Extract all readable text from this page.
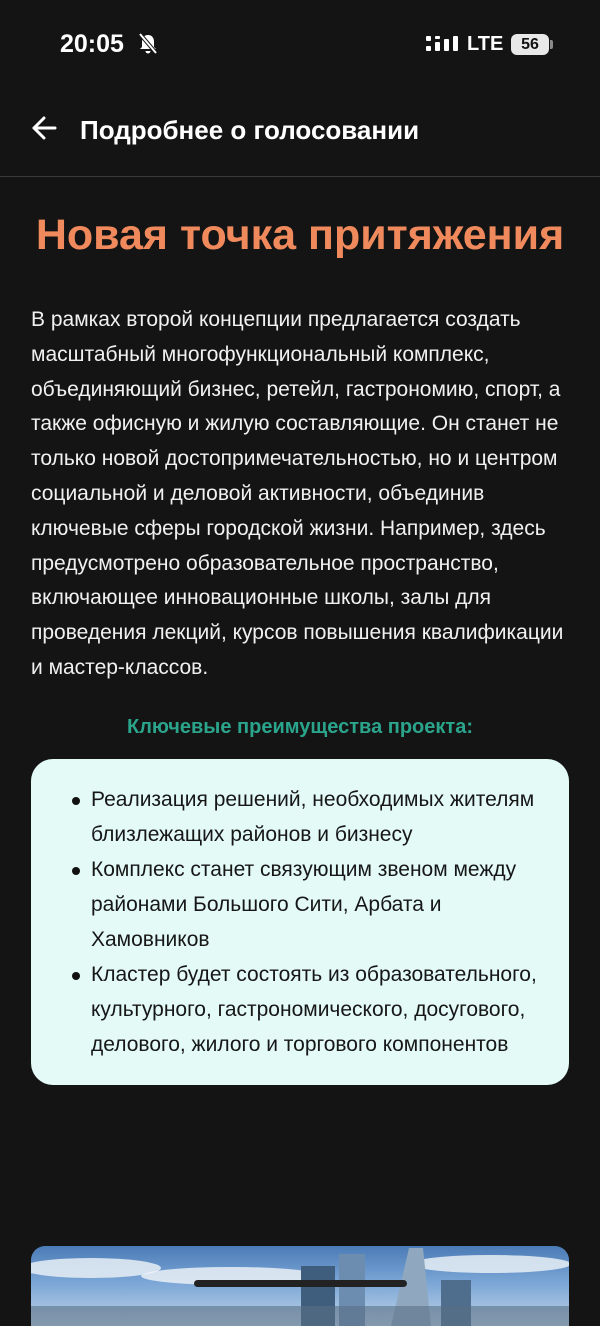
20:05	LTE	56
Подробнее о голосовании
Новая точка притяжения

В рамках второй концепции предлагается создать масштабный многофункциональный комплекс, объединяющий бизнес, ретейл, гастрономию, спорт, а также офисную и жилую составляющие. Он станет не только новой достопримечательностью, но и центром социальной и деловой активности, объединив ключевые сферы городской жизни. Например, здесь предусмотрено образовательное пространство, включающее инновационные школы, залы для проведения лекций, курсов повышения квалификации и мастер-классов.

Ключевые преимущества проекта:
Реализация решений, необходимых жителям близлежащих районов и бизнесу
Комплекс станет связующим звеном между районами Большого Сити, Арбата и Хамовников
Кластер будет состоять из образовательного, культурного, гастрономического, досугового, делового, жилого и торгового компонентов
